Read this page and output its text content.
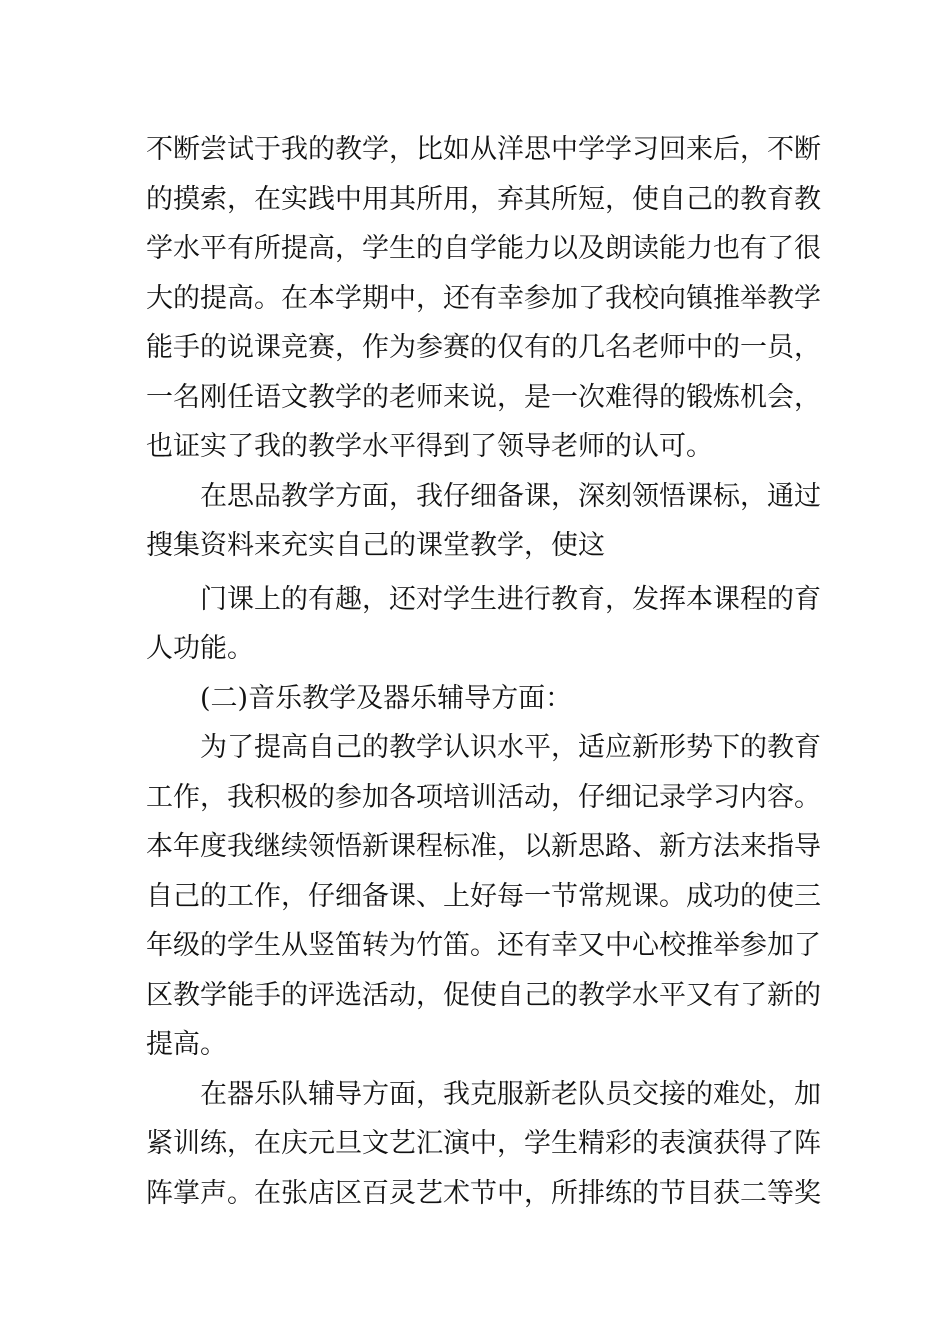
不断尝试于我的教学，比如从洋思中学学习回来后，不断
的摸索，在实践中用其所用，弃其所短，使自己的教育教
学水平有所提高，学生的自学能力以及朗读能力也有了很
大的提高。在本学期中，还有幸参加了我校向镇推举教学
能手的说课竞赛，作为参赛的仅有的几名老师中的一员，
一名刚任语文教学的老师来说，是一次难得的锻炼机会，
也证实了我的教学水平得到了领导老师的认可。
在思品教学方面，我仔细备课，深刻领悟课标，通过
搜集资料来充实自己的课堂教学，使这
门课上的有趣，还对学生进行教育，发挥本课程的育
人功能。
(二)音乐教学及器乐辅导方面：
为了提高自己的教学认识水平，适应新形势下的教育
工作，我积极的参加各项培训活动，仔细记录学习内容。
本年度我继续领悟新课程标准，以新思路、新方法来指导
自己的工作，仔细备课、上好每一节常规课。成功的使三
年级的学生从竖笛转为竹笛。还有幸又中心校推举参加了
区教学能手的评选活动，促使自己的教学水平又有了新的
提高。
在器乐队辅导方面，我克服新老队员交接的难处，加
紧训练，在庆元旦文艺汇演中，学生精彩的表演获得了阵
阵掌声。在张店区百灵艺术节中，所排练的节目获二等奖
